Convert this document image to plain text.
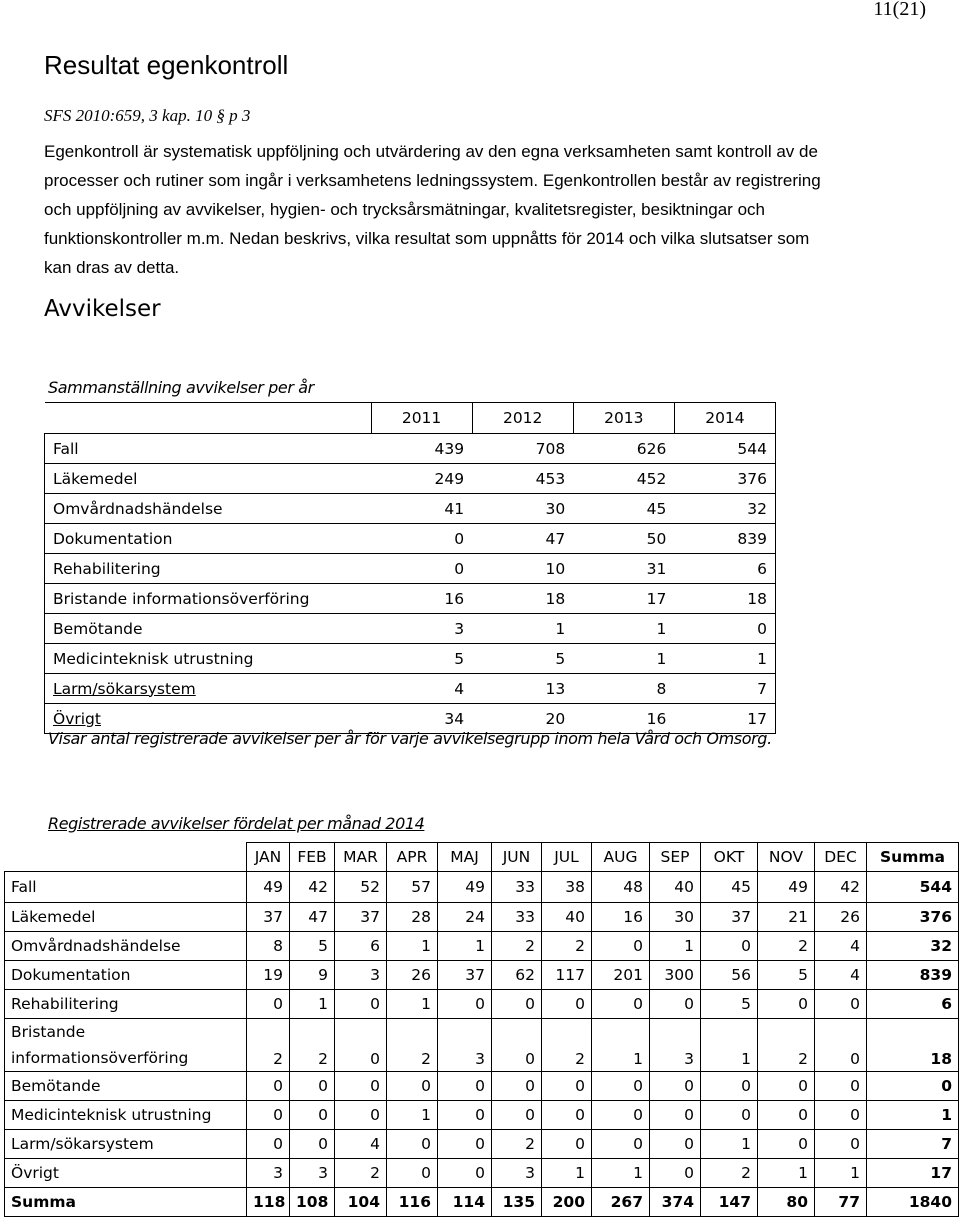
11(21)
Resultat egenkontroll
SFS 2010:659, 3 kap. 10 § p 3
Egenkontroll är systematisk uppföljning och utvärdering av den egna verksamheten samt kontroll av de
processer och rutiner som ingår i verksamhetens ledningssystem. Egenkontrollen består av registrering
och uppföljning av avvikelser, hygien- och trycksårsmätningar, kvalitetsregister, besiktningar och
funktionskontroller m.m. Nedan beskrivs, vilka resultat som uppnåtts för 2014 och vilka slutsatser som
kan dras av detta.
Avvikelser
Sammanställning avvikelser per år
	2011	2012	2013	2014
Fall	439	708	626	544
Läkemedel	249	453	452	376
Omvårdnadshändelse	41	30	45	32
Dokumentation	0	47	50	839
Rehabilitering	0	10	31	6
Bristande informationsöverföring	16	18	17	18
Bemötande	3	1	1	0
Medicinteknisk utrustning	5	5	1	1
Larm/sökarsystem	4	13	8	7
Övrigt	34	20	16	17
Visar antal registrerade avvikelser per år för varje avvikelsegrupp inom hela Vård och Omsorg.
Registrerade avvikelser fördelat per månad 2014
	JAN	FEB	MAR	APR	MAJ	JUN	JUL	AUG	SEP	OKT	NOV	DEC	Summa
Fall	49	42	52	57	49	33	38	48	40	45	49	42	544
Läkemedel	37	47	37	28	24	33	40	16	30	37	21	26	376
Omvårdnadshändelse	8	5	6	1	1	2	2	0	1	0	2	4	32
Dokumentation	19	9	3	26	37	62	117	201	300	56	5	4	839
Rehabilitering	0	1	0	1	0	0	0	0	0	5	0	0	6
Bristande informationsöverföring	2	2	0	2	3	0	2	1	3	1	2	0	18
Bemötande	0	0	0	0	0	0	0	0	0	0	0	0	0
Medicinteknisk utrustning	0	0	0	1	0	0	0	0	0	0	0	0	1
Larm/sökarsystem	0	0	4	0	0	2	0	0	0	1	0	0	7
Övrigt	3	3	2	0	0	3	1	1	0	2	1	1	17
Summa	118	108	104	116	114	135	200	267	374	147	80	77	1840
